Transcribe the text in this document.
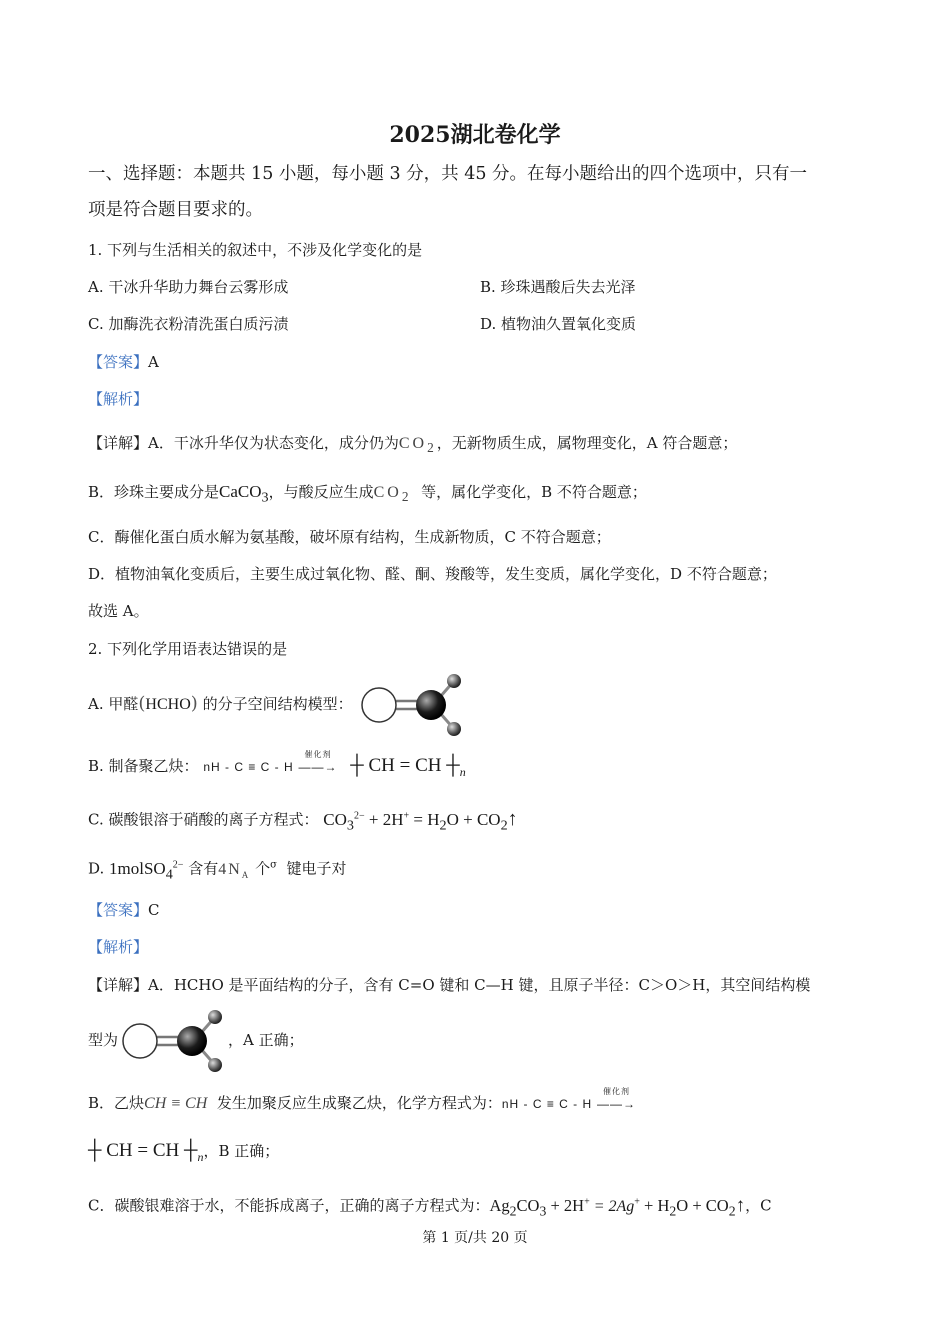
2025湖北卷化学
一、选择题：本题共 15 小题，每小题 3 分，共 45 分。在每小题给出的四个选项中，只有一
项是符合题目要求的。
1. 下列与生活相关的叙述中，不涉及化学变化的是
A. 干冰升华助力舞台云雾形成	B. 珍珠遇酸后失去光泽
C. 加酶洗衣粉清洗蛋白质污渍	D. 植物油久置氧化变质
【答案】A
【解析】
【详解】A．干冰升华仅为状态变化，成分仍为$CO_2$，无新物质生成，属物理变化，A 符合题意；
B．珍珠主要成分是CaCO$_3$，与酸反应生成$CO_2$ 等，属化学变化，B 不符合题意；
C．酶催化蛋白质水解为氨基酸，破坏原有结构，生成新物质，C 不符合题意；
D．植物油氧化变质后，主要生成过氧化物、醛、酮、羧酸等，发生变质，属化学变化，D 不符合题意；
故选 A。
2. 下列化学用语表达错误的是
A. 甲醛(HCHO) 的分子空间结构模型：
B. 制备聚乙炔： nH - C ≡ C - H
催化剂
——→ ┼ CH = CH $┼_n$
C. 碳酸银溶于硝酸的离子方程式： $CO_3^{2-} + 2H^+ = H_2O$ + $CO_2↑$
D. 1molSO$_4^{2-}$ 含有$4N_A$ 个$^\sigma$ 键电子对
【答案】C
【解析】
【详解】A．HCHO 是平面结构的分子，含有 C=O 键和 C—H 键，且原子半径：C＞O＞H，其空间结构模
型为	，A 正确；
B．乙炔CH ≡ CH 发生加聚反应生成聚乙炔，化学方程式为：nH - C ≡ C - H
催化剂
——→
┼ CH = CH $┼_n$，B 正确；
C．碳酸银难溶于水，不能拆成离子，正确的离子方程式为：$Ag_2CO_3 + 2H^+ = 2Ag^+ + H_2O$ + $CO_2↑$，C
第 1 页/共 20 页
